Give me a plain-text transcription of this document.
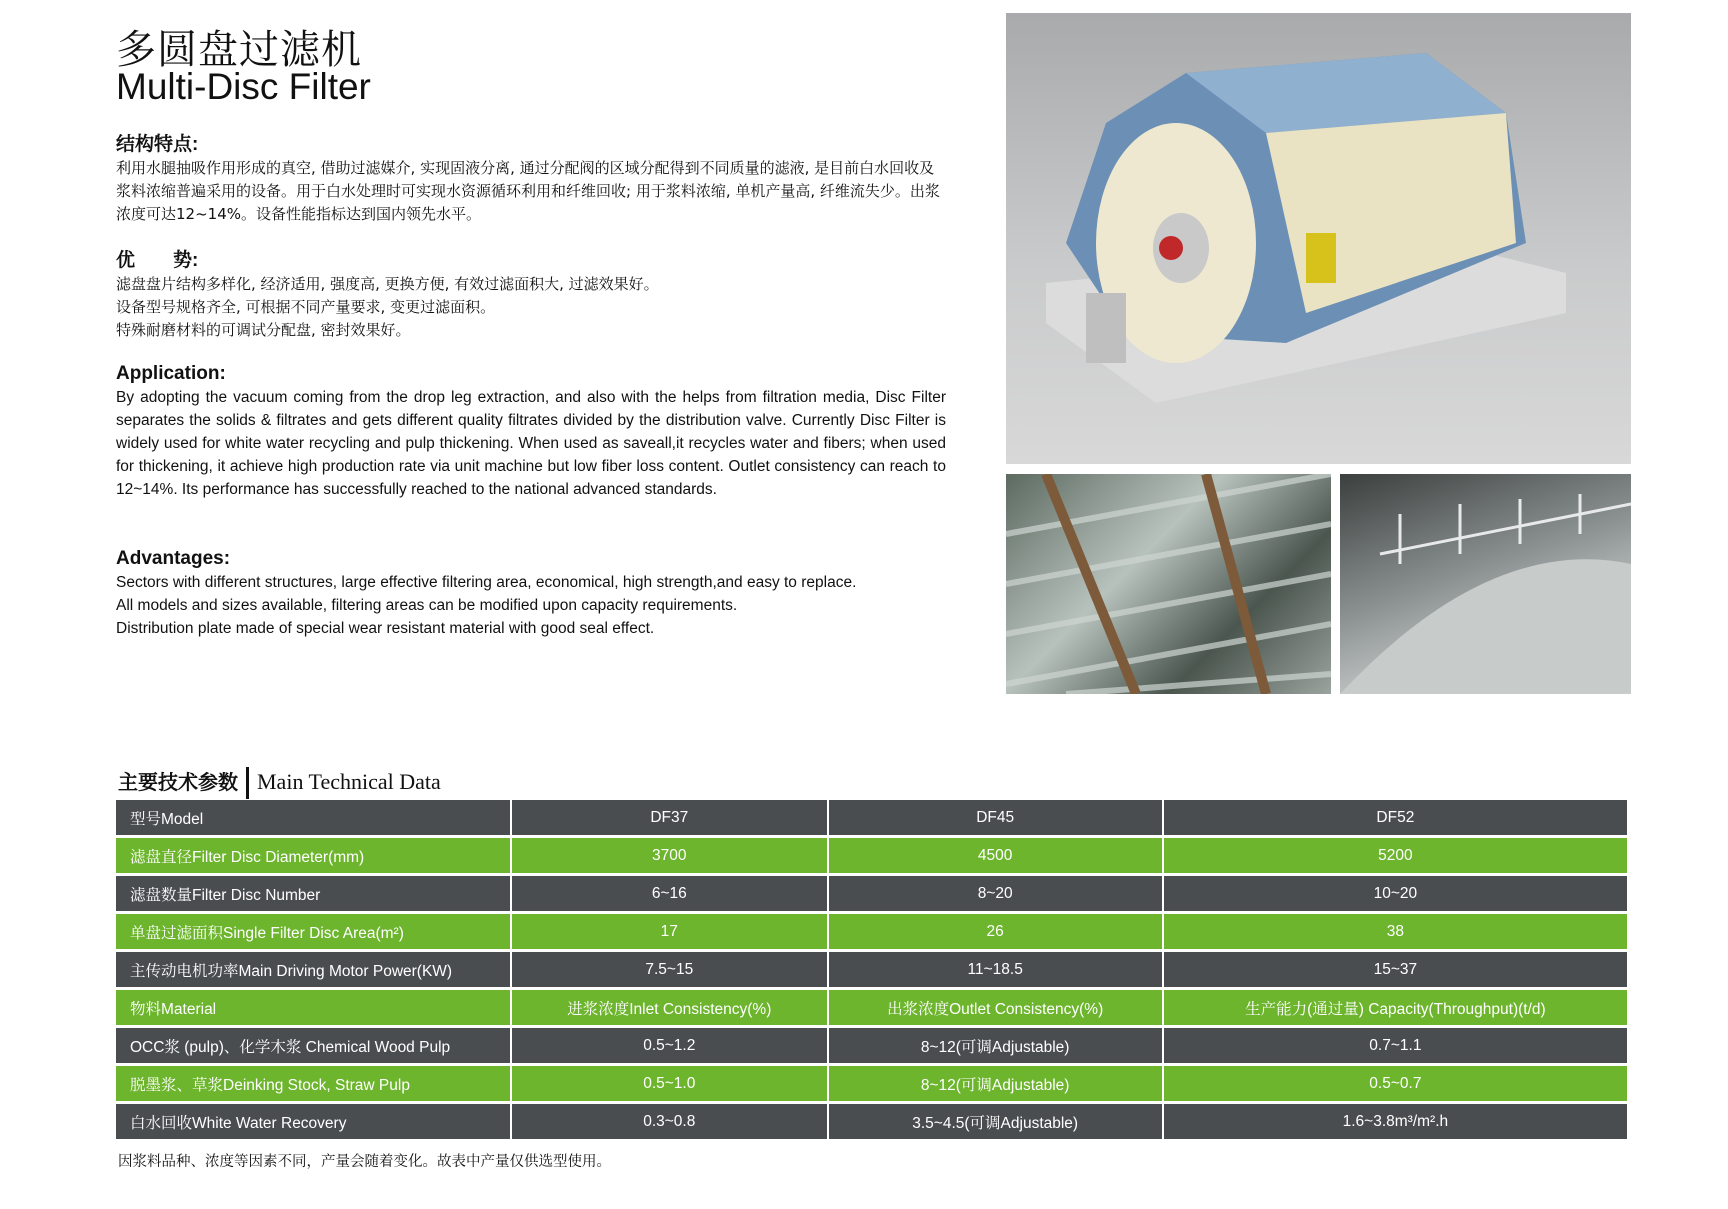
多圆盘过滤机
Multi-Disc Filter
结构特点:

利用水腿抽吸作用形成的真空, 借助过滤媒介, 实现固液分离, 通过分配阀的区域分配得到不同质量的滤液, 是目前白水回收及浆料浓缩普遍采用的设备。用于白水处理时可实现水资源循环利用和纤维回收; 用于浆料浓缩, 单机产量高, 纤维流失少。出浆浓度可达12~14%。设备性能指标达到国内领先水平。

优　　势:

滤盘盘片结构多样化, 经济适用, 强度高, 更换方便, 有效过滤面积大, 过滤效果好。

设备型号规格齐全, 可根据不同产量要求, 变更过滤面积。

特殊耐磨材料的可调试分配盘, 密封效果好。

Application:

By adopting the vacuum coming from the drop leg extraction, and also with the helps from filtration media, Disc Filter separates the solids & filtrates and gets different quality filtrates divided by the distribution valve. Currently Disc Filter is widely used for white water recycling and pulp thickening. When used as saveall,it recycles water and fibers; when used for thickening, it achieve high production rate via unit machine but low fiber loss content. Outlet consistency can reach to 12~14%. Its performance has successfully reached to the national advanced standards.

Advantages:

Sectors with different structures, large effective filtering area, economical, high strength,and easy to replace.

All models and sizes available, filtering areas can be modified upon capacity requirements.

Distribution plate made of special wear resistant material with good seal effect.

主要技术参数 Main Technical Data
型号Model	DF37	DF45	DF52
滤盘直径Filter Disc Diameter(mm)	3700	4500	5200
滤盘数量Filter Disc Number	6~16	8~20	10~20
单盘过滤面积Single Filter Disc Area(m²)	17	26	38
主传动电机功率Main Driving Motor Power(KW)	7.5~15	11~18.5	15~37
物料Material	进浆浓度Inlet Consistency(%)	出浆浓度Outlet Consistency(%)	生产能力(通过量) Capacity(Throughput)(t/d)
OCC浆 (pulp)、化学木浆 Chemical Wood Pulp	0.5~1.2	8~12(可调Adjustable)	0.7~1.1
脱墨浆、草浆Deinking Stock, Straw Pulp	0.5~1.0	8~12(可调Adjustable)	0.5~0.7
白水回收White Water Recovery	0.3~0.8	3.5~4.5(可调Adjustable)	1.6~3.8m³/m².h
因浆料品种、浓度等因素不同，产量会随着变化。故表中产量仅供选型使用。
